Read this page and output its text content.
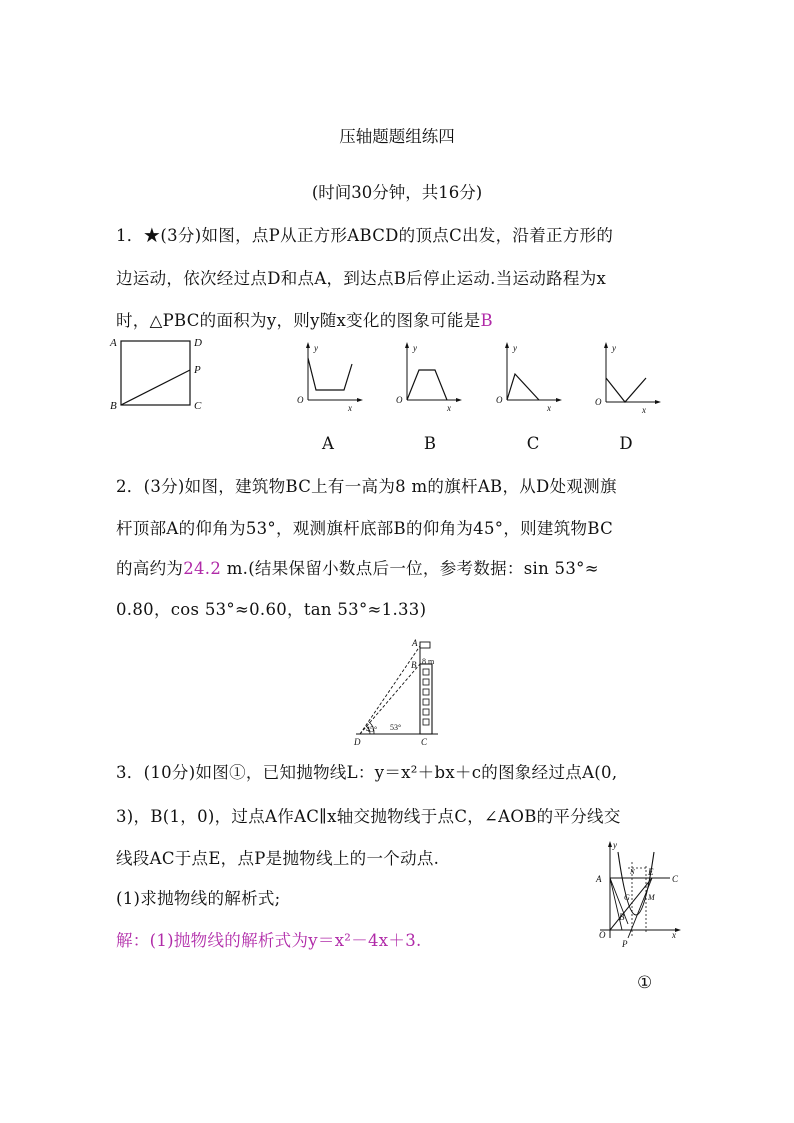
压轴题题组练四
(时间30分钟，共16分)
1．★(3分)如图，点P从正方形ABCD的顶点C出发，沿着正方形的
边运动，依次经过点D和点A，到达点B后停止运动.当运动路程为x
时，△PBC的面积为y，则y随x变化的图象可能是B
A	D
P
B	C
y
O
x
y
O
x
y
O
x
y
O
x
A	B	C	D
2．(3分)如图，建筑物BC上有一高为8 m的旗杆AB，从D处观测旗
杆顶部A的仰角为53°，观测旗杆底部B的仰角为45°，则建筑物BC
的高约为24.2 m.(结果保留小数点后一位，参考数据：sin 53°≈
0.80，cos 53°≈0.60，tan 53°≈1.33)
A
B 8 m
45° 53°
D	C
3．(10分)如图①，已知抛物线L：y＝x²＋bx＋c的图象经过点A(0,
3)，B(1，0)，过点A作AC∥x轴交抛物线于点C，∠AOB的平分线交
线段AC于点E，点P是抛物线上的一个动点.
(1)求抛物线的解析式;
解：(1)抛物线的解析式为y＝x²－4x＋3.
y
A	C
E
N
G M
B
O
P
x
①
